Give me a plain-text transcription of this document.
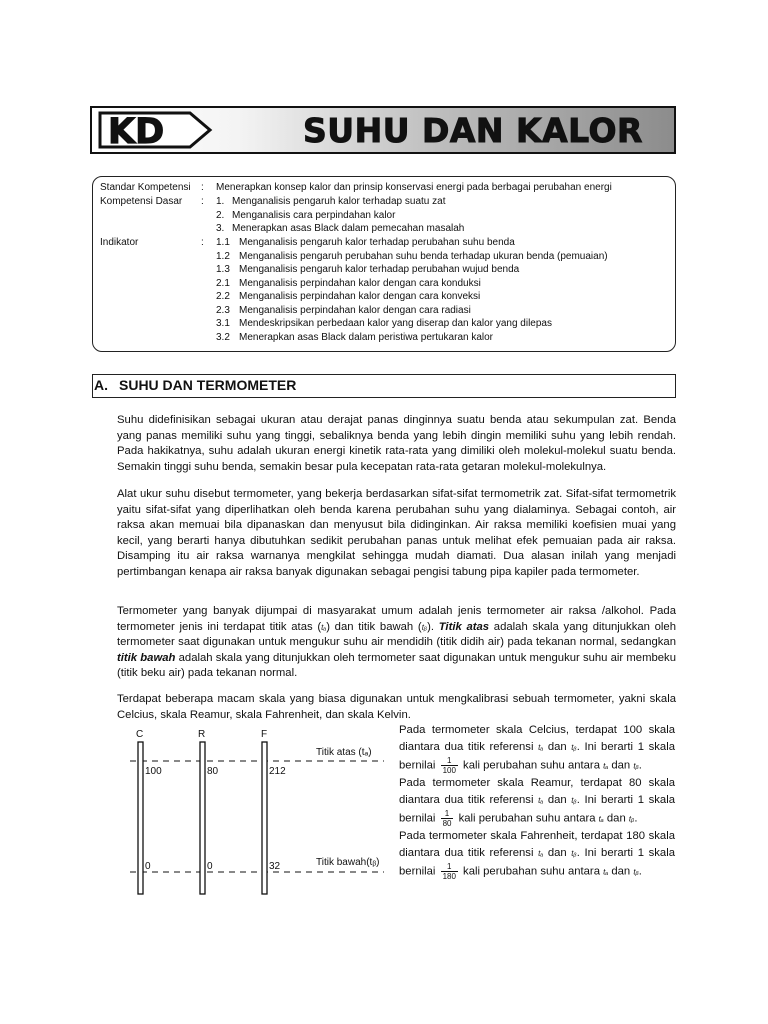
KD	SUHU DAN KALOR
Standar Kompetensi : Menerapkan konsep kalor dan prinsip konservasi energi pada berbagai perubahan energi
Kompetensi Dasar : 1. Menganalisis pengaruh kalor terhadap suatu zat
2. Menganalisis cara perpindahan kalor
3. Menerapkan asas Black dalam pemecahan masalah
Indikator	: 1.1 Menganalisis pengaruh kalor terhadap perubahan suhu benda
1.2 Menganalisis pengaruh perubahan suhu benda terhadap ukuran benda (pemuaian)
1.3 Menganalisis pengaruh kalor terhadap perubahan wujud benda
2.1 Menganalisis perpindahan kalor dengan cara konduksi
2.2 Menganalisis perpindahan kalor dengan cara konveksi
2.3 Menganalisis perpindahan kalor dengan cara radiasi
3.1 Mendeskripsikan perbedaan kalor yang diserap dan kalor yang dilepas
3.2 Menerapkan asas Black dalam peristiwa pertukaran kalor
A. SUHU DAN TERMOMETER

Suhu didefinisikan sebagai ukuran atau derajat panas dinginnya suatu benda atau sekumpulan zat. Benda yang panas memiliki suhu yang tinggi, sebaliknya benda yang lebih dingin memiliki suhu yang lebih rendah. Pada hakikatnya, suhu adalah ukuran energi kinetik rata-rata yang dimiliki oleh molekul-molekul suatu benda. Semakin tinggi suhu benda, semakin besar pula kecepatan rata-rata getaran molekul-molekulnya.

Alat ukur suhu disebut termometer, yang bekerja berdasarkan sifat-sifat termometrik zat. Sifat-sifat termometrik yaitu sifat-sifat yang diperlihatkan oleh benda karena perubahan suhu yang dialaminya. Sebagai contoh, air raksa akan memuai bila dipanaskan dan menyusut bila didinginkan. Air raksa memiliki koefisien muai yang kecil, yang berarti hanya dibutuhkan sedikit perubahan panas untuk melihat efek pemuaian pada air raksa. Disamping itu air raksa warnanya mengkilat sehingga mudah diamati. Dua alasan inilah yang menjadi pertimbangan kenapa air raksa banyak digunakan sebagai pengisi tabung pipa kapiler pada termometer.

Termometer yang banyak dijumpai di masyarakat umum adalah jenis termometer air raksa /alkohol. Pada termometer jenis ini terdapat titik atas (tₐ) dan titik bawah (tᵦ). Titik atas adalah skala yang ditunjukkan oleh termometer saat digunakan untuk mengukur suhu air mendidih (titik didih air) pada tekanan normal, sedangkan titik bawah adalah skala yang ditunjukkan oleh termometer saat digunakan untuk mengukur suhu air membeku (titik beku air) pada tekanan normal.

Terdapat beberapa macam skala yang biasa digunakan untuk mengkalibrasi sebuah termometer, yakni skala Celcius, skala Reamur, skala Fahrenheit, dan skala Kelvin.

C	R	F
100	80	212
0	0	32
Titik atas (tₐ)
Titik bawah(tᵦ)

Pada termometer skala Celcius, terdapat 100 skala diantara dua titik referensi tₐ dan tᵦ. Ini berarti 1 skala bernilai $\frac{1}{100}$ kali perubahan suhu antara tₐ dan tᵦ.

Pada termometer skala Reamur, terdapat 80 skala diantara dua titik referensi tₐ dan tᵦ. Ini berarti 1 skala bernilai $\frac{1}{80}$ kali perubahan suhu antara tₐ dan tᵦ.

Pada termometer skala Fahrenheit, terdapat 180 skala diantara dua titik referensi tₐ dan tᵦ. Ini berarti 1 skala bernilai $\frac{1}{180}$ kali perubahan suhu antara tₐ dan tᵦ.
